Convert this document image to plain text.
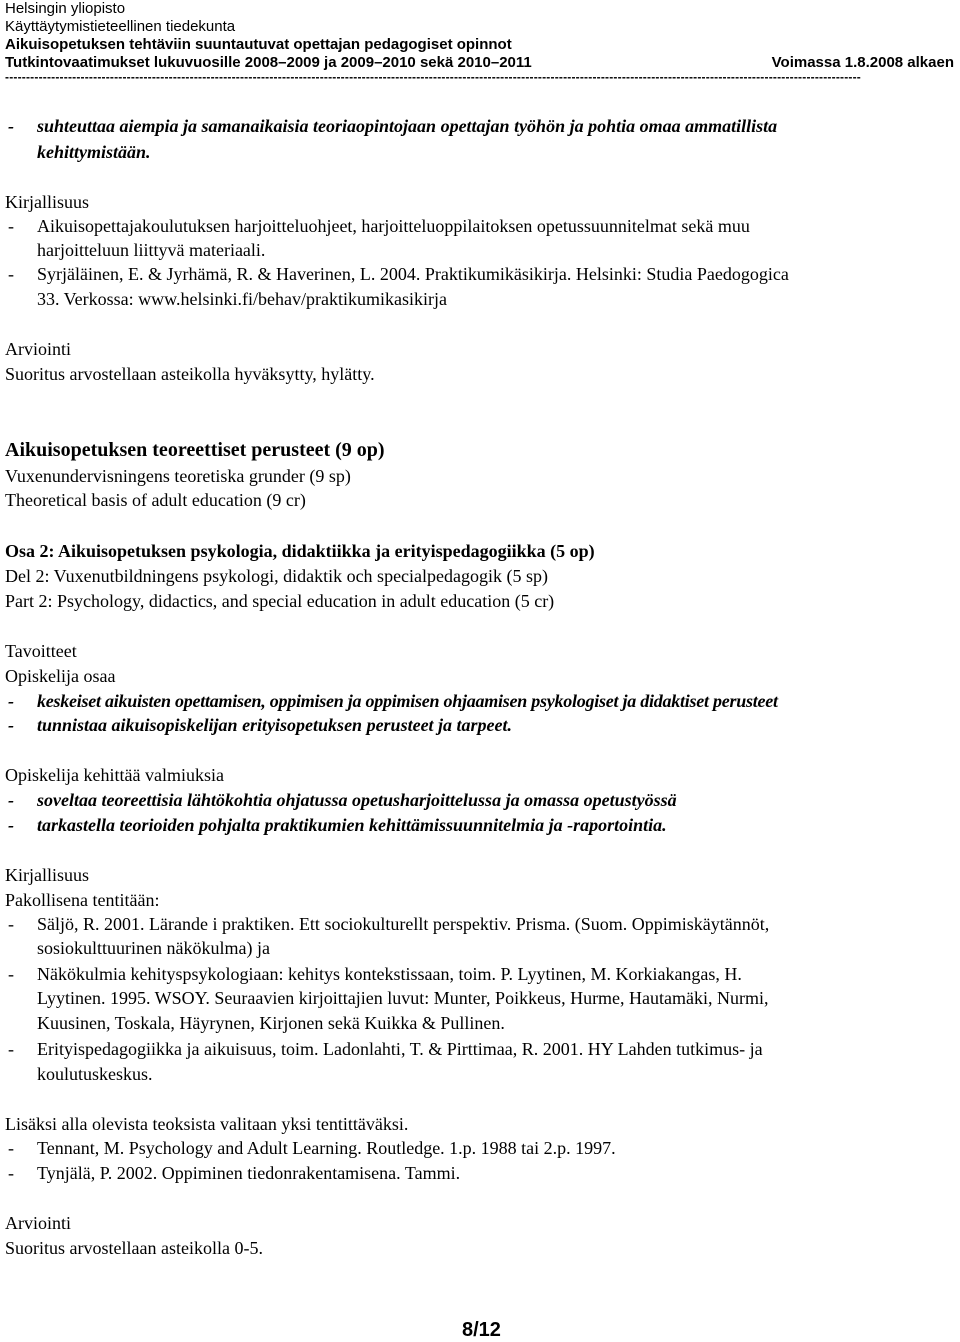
Helsingin yliopisto
Käyttäytymistieteellinen tiedekunta
Aikuisopetuksen tehtäviin suuntautuvat opettajan pedagogiset opinnot
Tutkintovaatimukset lukuvuosille 2008–2009 ja 2009–2010 sekä 2010–2011	Voimassa 1.8.2008 alkaen
------------------------------------------------------------------------------------------------------------------------------------------------------------------------------------------------------------
- suhteuttaa aiempia ja samanaikaisia teoriaopintojaan opettajan työhön ja pohtia omaa ammatillista
kehittymistään.
Kirjallisuus
- Aikuisopettajakoulutuksen harjoitteluohjeet, harjoitteluoppilaitoksen opetussuunnitelmat sekä muu
harjoitteluun liittyvä materiaali.
- Syrjäläinen, E. & Jyrhämä, R. & Haverinen, L. 2004. Praktikumikäsikirja. Helsinki: Studia Paedogogica
33. Verkossa: www.helsinki.fi/behav/praktikumikasikirja
Arviointi
Suoritus arvostellaan asteikolla hyväksytty, hylätty.
Aikuisopetuksen teoreettiset perusteet (9 op)
Vuxenundervisningens teoretiska grunder (9 sp)
Theoretical basis of adult education (9 cr)
Osa 2: Aikuisopetuksen psykologia, didaktiikka ja erityispedagogiikka (5 op)
Del 2: Vuxenutbildningens psykologi, didaktik och specialpedagogik (5 sp)
Part 2: Psychology, didactics, and special education in adult education (5 cr)
Tavoitteet
Opiskelija osaa
- keskeiset aikuisten opettamisen, oppimisen ja oppimisen ohjaamisen psykologiset ja didaktiset perusteet
- tunnistaa aikuisopiskelijan erityisopetuksen perusteet ja tarpeet.
Opiskelija kehittää valmiuksia
- soveltaa teoreettisia lähtökohtia ohjatussa opetusharjoittelussa ja omassa opetustyössä
- tarkastella teorioiden pohjalta praktikumien kehittämissuunnitelmia ja -raportointia.
Kirjallisuus
Pakollisena tentitään:
- Säljö, R. 2001. Lärande i praktiken. Ett sociokulturellt perspektiv. Prisma. (Suom. Oppimiskäytännöt,
sosiokulttuurinen näkökulma) ja
- Näkökulmia kehityspsykologiaan: kehitys kontekstissaan, toim. P. Lyytinen, M. Korkiakangas, H.
Lyytinen. 1995. WSOY. Seuraavien kirjoittajien luvut: Munter, Poikkeus, Hurme, Hautamäki, Nurmi,
Kuusinen, Toskala, Häyrynen, Kirjonen sekä Kuikka & Pullinen.
- Erityispedagogiikka ja aikuisuus, toim. Ladonlahti, T. & Pirttimaa, R. 2001. HY Lahden tutkimus- ja
koulutuskeskus.
Lisäksi alla olevista teoksista valitaan yksi tentittäväksi.
- Tennant, M. Psychology and Adult Learning. Routledge. 1.p. 1988 tai 2.p. 1997.
- Tynjälä, P. 2002. Oppiminen tiedonrakentamisena. Tammi.
Arviointi
Suoritus arvostellaan asteikolla 0-5.
8/12
